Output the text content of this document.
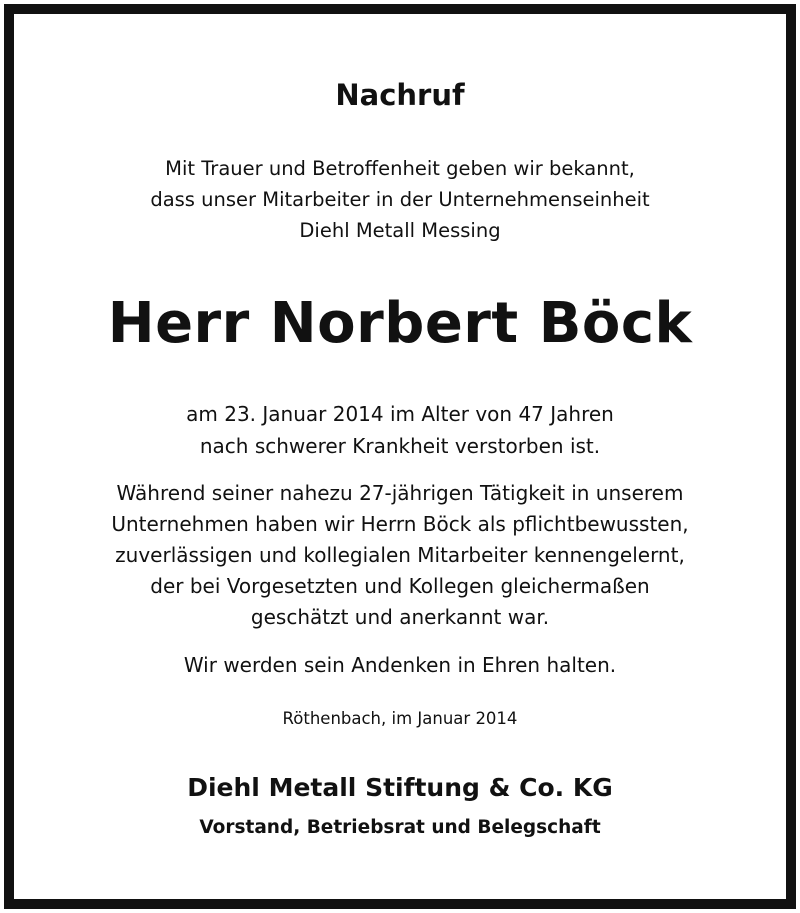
Nachruf
Mit Trauer und Betroffenheit geben wir bekannt,
dass unser Mitarbeiter in der Unternehmenseinheit
Diehl Metall Messing
Herr Norbert Böck
am 23. Januar 2014 im Alter von 47 Jahren
nach schwerer Krankheit verstorben ist.
Während seiner nahezu 27-jährigen Tätigkeit in unserem
Unternehmen haben wir Herrn Böck als pflichtbewussten,
zuverlässigen und kollegialen Mitarbeiter kennengelernt,
der bei Vorgesetzten und Kollegen gleichermaßen
geschätzt und anerkannt war.
Wir werden sein Andenken in Ehren halten.
Röthenbach, im Januar 2014
Diehl Metall Stiftung & Co. KG
Vorstand, Betriebsrat und Belegschaft
